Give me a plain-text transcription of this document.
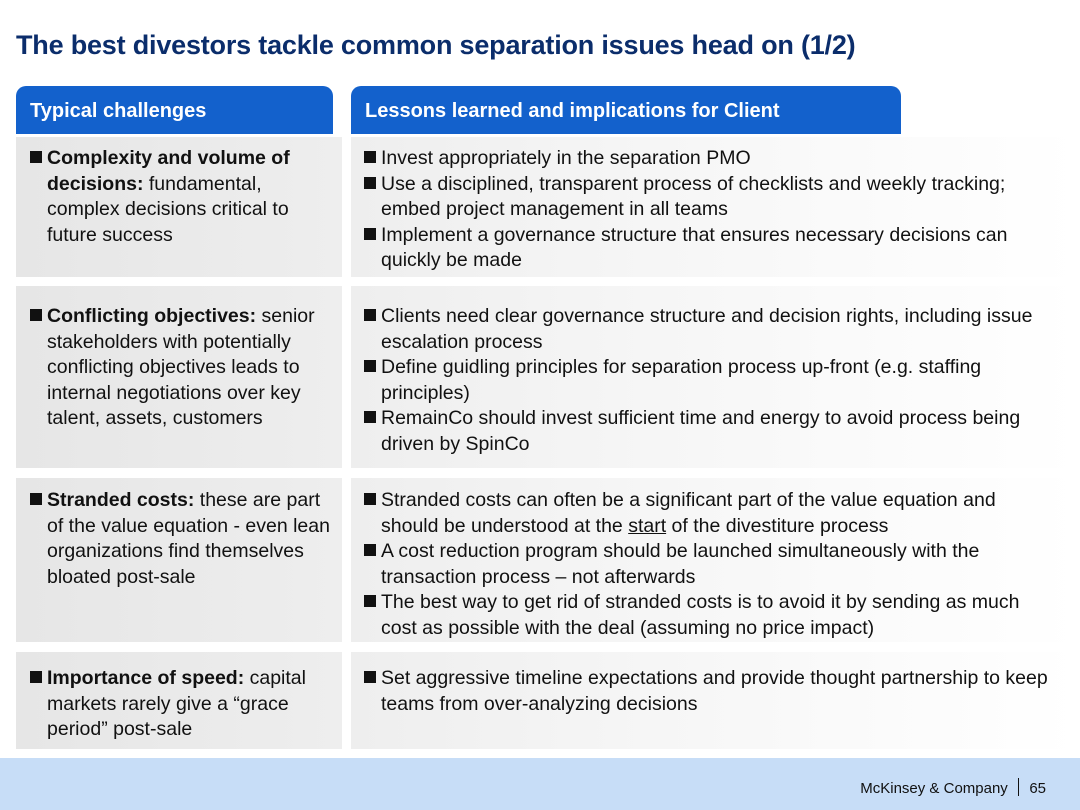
The best divestors tackle common separation issues head on (1/2)
Typical challenges	Lessons learned and implications for Client
Complexity and volume of decisions: fundamental, complex decisions critical to future success
Invest appropriately in the separation PMO
Use a disciplined, transparent process of checklists and weekly tracking; embed project management in all teams
Implement a governance structure that ensures necessary decisions can quickly be made
Conflicting objectives: senior stakeholders with potentially conflicting objectives leads to internal negotiations over key talent, assets, customers
Clients need clear governance structure and decision rights, including issue escalation process
Define guidling principles for separation process up-front (e.g. staffing principles)
RemainCo should invest sufficient time and energy to avoid process being driven by SpinCo
Stranded costs: these are part of the value equation - even lean organizations find themselves bloated post-sale
Stranded costs can often be a significant part of the value equation and should be understood at the start of the divestiture process
A cost reduction program should be launched simultaneously with the transaction process – not afterwards
The best way to get rid of stranded costs is to avoid it by sending as much cost as possible with the deal (assuming no price impact)
Importance of speed: capital markets rarely give a “grace period” post-sale
Set aggressive timeline expectations and provide thought partnership to keep teams from over-analyzing decisions
McKinsey & Company 65
